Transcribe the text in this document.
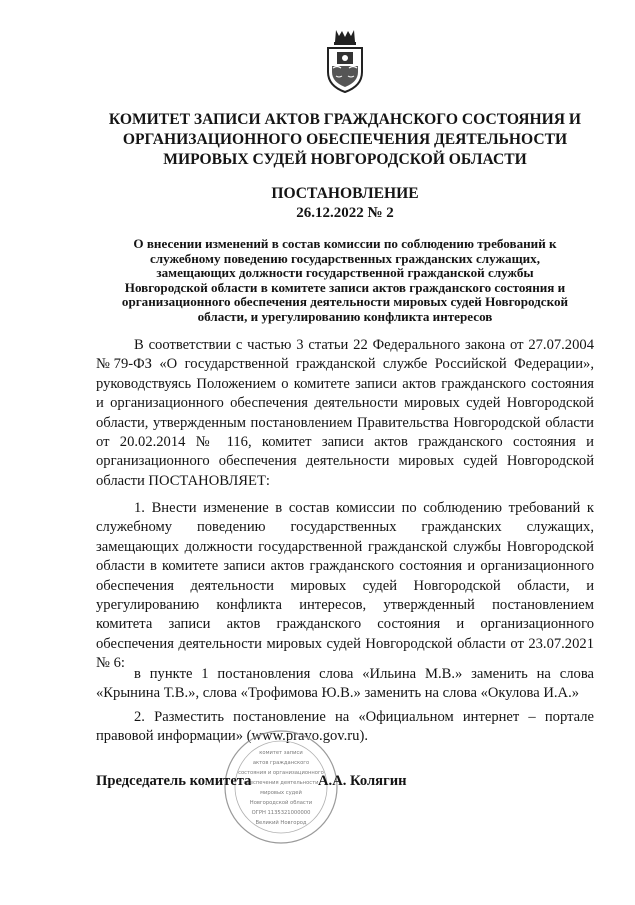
КОМИТЕТ ЗАПИСИ АКТОВ ГРАЖДАНСКОГО СОСТОЯНИЯ И
ОРГАНИЗАЦИОННОГО ОБЕСПЕЧЕНИЯ ДЕЯТЕЛЬНОСТИ
МИРОВЫХ СУДЕЙ НОВГОРОДСКОЙ ОБЛАСТИ
ПОСТАНОВЛЕНИЕ
26.12.2022 № 2
О внесении изменений в состав комиссии по соблюдению требований к
служебному поведению государственных гражданских служащих,
замещающих должности государственной гражданской службы
Новгородской области в комитете записи актов гражданского состояния и
организационного обеспечения деятельности мировых судей Новгородской
области, и урегулированию конфликта интересов

В соответствии с частью 3 статьи 22 Федерального закона от 27.07.2004 №79-ФЗ «О государственной гражданской службе Российской Федерации», руководствуясь Положением о комитете записи актов гражданского состояния и организационного обеспечения деятельности мировых судей Новгородской области, утвержденным постановлением Правительства Новгородской области от 20.02.2014 № 116, комитет записи актов гражданского состояния и организационного обеспечения деятельности мировых судей Новгородской области ПОСТАНОВЛЯЕТ:

1. Внести изменение в состав комиссии по соблюдению требований к служебному поведению государственных гражданских служащих, замещающих должности государственной гражданской службы Новгородской области в комитете записи актов гражданского состояния и организационного обеспечения деятельности мировых судей Новгородской области, и урегулированию конфликта интересов, утвержденный постановлением комитета записи актов гражданского состояния и организационного обеспечения деятельности мировых судей Новгородской области от 23.07.2021 № 6:

в пункте 1 постановления слова «Ильина М.В.» заменить на слова «Крынина Т.В.», слова «Трофимова Ю.В.» заменить на слова «Окулова И.А.»

2. Разместить постановление на «Официальном интернет – портале правовой информации» (www.pravo.gov.ru).

комитет записи
актов гражданского
состояния и организационного
обеспечения деятельности
мировых судей
Новгородской области
ОГРН 1135321000000
Великий Новгород
Председатель комитета	А.А. Колягин
